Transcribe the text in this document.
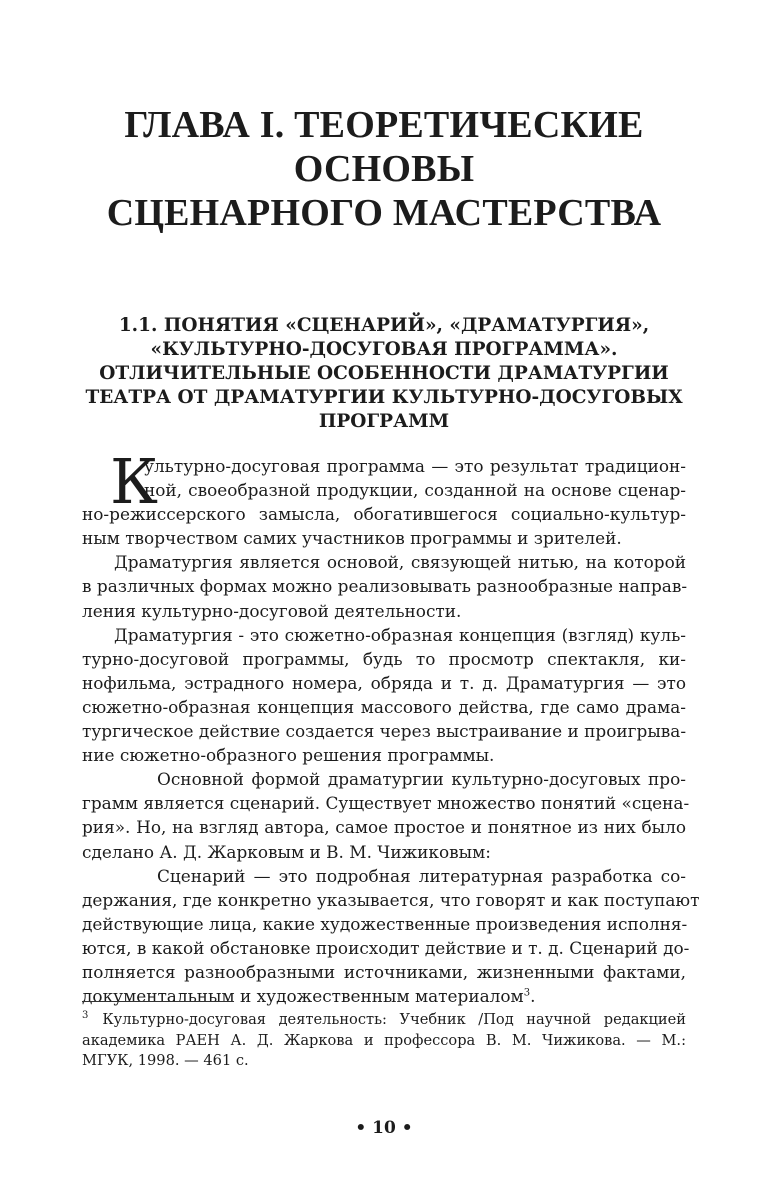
ГЛАВА I. ТЕОРЕТИЧЕСКИЕ ОСНОВЫ
СЦЕНАРНОГО МАСТЕРСТВА
1.1. ПОНЯТИЯ «СЦЕНАРИЙ», «ДРАМАТУРГИЯ»,
«КУЛЬТУРНО-ДОСУГОВАЯ ПРОГРАММА».
ОТЛИЧИТЕЛЬНЫЕ ОСОБЕННОСТИ ДРАМАТУРГИИ
ТЕАТРА ОТ ДРАМАТУРГИИ КУЛЬТУРНО-ДОСУГОВЫХ
ПРОГРАММ

К
ультурно-досуговая программа — это результат традицион-
ной, своеобразной продукции, созданной на основе сценар-
но-режиссерского замысла, обогатившегося социально-культур-
ным творчеством самих участников программы и зрителей.

Драматургия является основой, связующей нитью, на которой
в различных формах можно реализовывать разнообразные направ-
ления культурно-досуговой деятельности.

Драматургия - это сюжетно-образная концепция (взгляд) куль-
турно-досуговой программы, будь то просмотр спектакля, ки-
нофильма, эстрадного номера, обряда и т. д. Драматургия — это
сюжетно-образная концепция массового действа, где само драма-
тургическое действие создается через выстраивание и проигрыва-
ние сюжетно-образного решения программы.

Основной формой драматургии культурно-досуговых про-
грамм является сценарий. Существует множество понятий «сцена-
рия». Но, на взгляд автора, самое простое и понятное из них было
сделано А. Д. Жарковым и В. М. Чижиковым:

Сценарий — это подробная литературная разработка со-
держания, где конкретно указывается, что говорят и как поступают
действующие лица, какие художественные произведения исполня-
ются, в какой обстановке происходит действие и т. д. Сценарий до-
полняется разнообразными источниками, жизненными фактами,
документальным и художественным материалом$^3$.

$^3$ Культурно-досуговая деятельность: Учебник /Под научной редакцией
академика РАЕН А. Д. Жаркова и профессора В. М. Чижикова. — М.:
МГУК, 1998. — 461 с.
• 10 •
